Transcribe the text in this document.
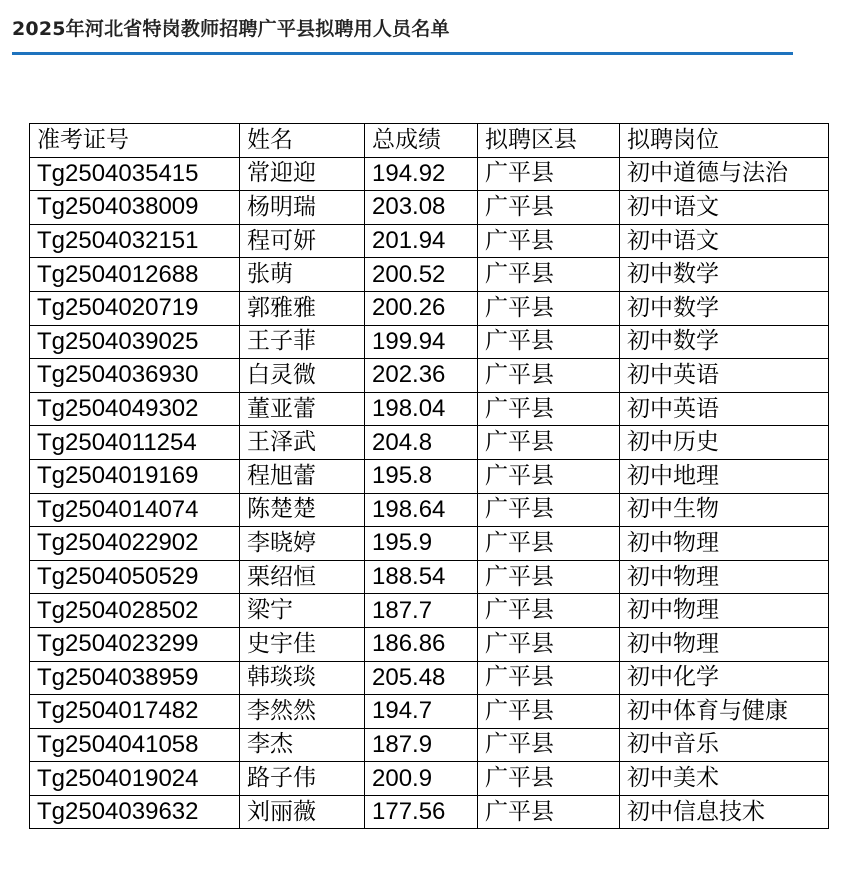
2025年河北省特岗教师招聘广平县拟聘用人员名单
准考证号	姓名	总成绩	拟聘区县	拟聘岗位
Tg2504035415	常迎迎	194.92	广平县	初中道德与法治
Tg2504038009	杨明瑞	203.08	广平县	初中语文
Tg2504032151	程可妍	201.94	广平县	初中语文
Tg2504012688	张萌	200.52	广平县	初中数学
Tg2504020719	郭雅雅	200.26	广平县	初中数学
Tg2504039025	王子菲	199.94	广平县	初中数学
Tg2504036930	白灵微	202.36	广平县	初中英语
Tg2504049302	董亚蕾	198.04	广平县	初中英语
Tg2504011254	王泽武	204.8	广平县	初中历史
Tg2504019169	程旭蕾	195.8	广平县	初中地理
Tg2504014074	陈楚楚	198.64	广平县	初中生物
Tg2504022902	李晓婷	195.9	广平县	初中物理
Tg2504050529	栗绍恒	188.54	广平县	初中物理
Tg2504028502	梁宁	187.7	广平县	初中物理
Tg2504023299	史宇佳	186.86	广平县	初中物理
Tg2504038959	韩琰琰	205.48	广平县	初中化学
Tg2504017482	李然然	194.7	广平县	初中体育与健康
Tg2504041058	李杰	187.9	广平县	初中音乐
Tg2504019024	路子伟	200.9	广平县	初中美术
Tg2504039632	刘丽薇	177.56	广平县	初中信息技术
